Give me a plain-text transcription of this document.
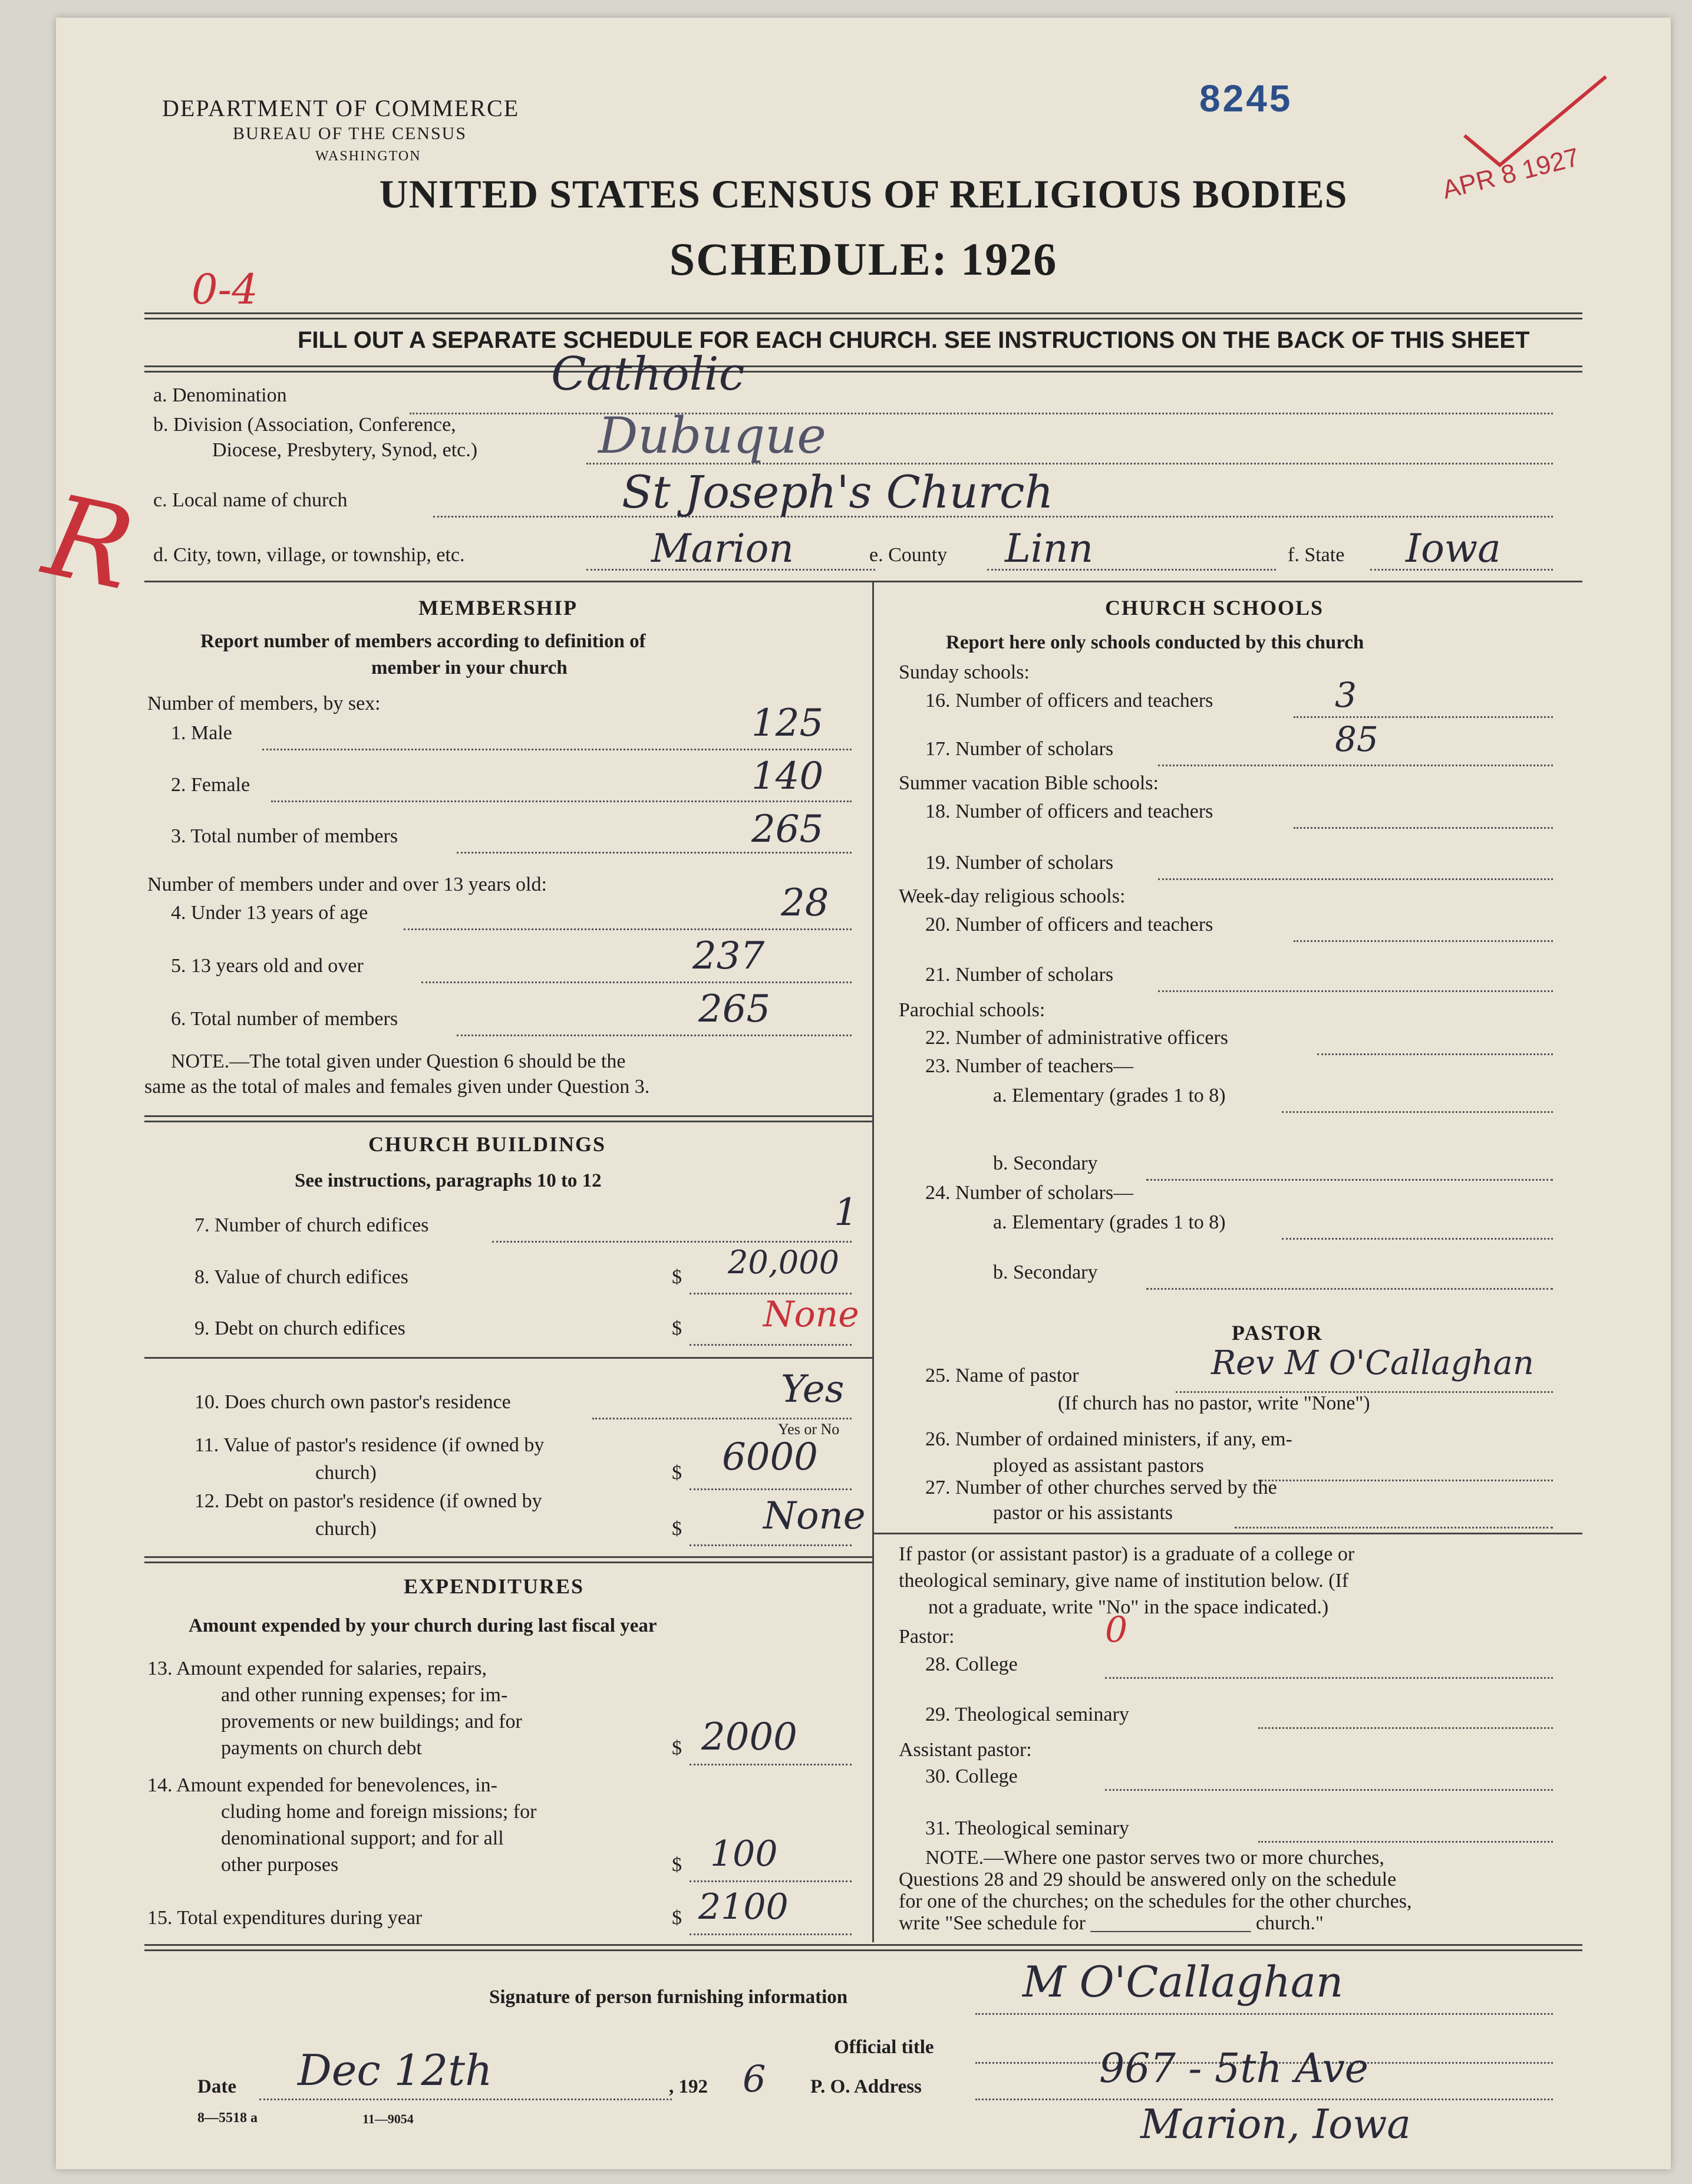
DEPARTMENT OF COMMERCE
BUREAU OF THE CENSUS
WASHINGTON
8245
APR 8 1927
UNITED STATES CENSUS OF RELIGIOUS BODIES
SCHEDULE: 1926
0-4
FILL OUT A SEPARATE SCHEDULE FOR EACH CHURCH. SEE INSTRUCTIONS ON THE BACK OF THIS SHEET
a. Denomination	Catholic
b. Division (Association, Conference,
Diocese, Presbytery, Synod, etc.) Dubuque
c. Local name of church	St Joseph's Church
d. City, town, village, or township, etc.	Marion	e. County Linn	f. State Iowa
R	MEMBERSHIP
Report number of members according to definition of
member in your church
Number of members, by sex:
1. Male	125
2. Female	140
3. Total number of members	265
Number of members under and over 13 years old:
4. Under 13 years of age	28
5. 13 years old and over	237
6. Total number of members	265
NOTE.—The total given under Question 6 should be the
same as the total of males and females given under Question 3.
CHURCH BUILDINGS
See instructions, paragraphs 10 to 12
7. Number of church edifices	1
8. Value of church edifices	$ 20,000
9. Debt on church edifices	$ None
10. Does church own pastor's residence	Yes
Yes or No
11. Value of pastor's residence (if owned by
church)	$ 6000
12. Debt on pastor's residence (if owned by
church)	$ None
EXPENDITURES
Amount expended by your church during last fiscal year
13. Amount expended for salaries, repairs,
and other running expenses; for im-
provements or new buildings; and for
payments on church debt	$ 2000
14. Amount expended for benevolences, in-
cluding home and foreign missions; for
denominational support; and for all
other purposes	$ 100
15. Total expenditures during year	$ 2100
CHURCH SCHOOLS
Report here only schools conducted by this church
Sunday schools:
16. Number of officers and teachers	3
17. Number of scholars	85
Summer vacation Bible schools:
18. Number of officers and teachers
19. Number of scholars
Week-day religious schools:
20. Number of officers and teachers
21. Number of scholars
Parochial schools:
22. Number of administrative officers
23. Number of teachers—
a. Elementary (grades 1 to 8)
b. Secondary
24. Number of scholars—
a. Elementary (grades 1 to 8)
b. Secondary
PASTOR
25. Name of pastor	Rev M O'Callaghan
(If church has no pastor, write "None")
26. Number of ordained ministers, if any, em-
ployed as assistant pastors
27. Number of other churches served by the
pastor or his assistants
If pastor (or assistant pastor) is a graduate of a college or
theological seminary, give name of institution below. (If
not a graduate, write "No" in the space indicated.)
Pastor:	0
28. College
29. Theological seminary
Assistant pastor:
30. College
31. Theological seminary
NOTE.—Where one pastor serves two or more churches,
Questions 28 and 29 should be answered only on the schedule
for one of the churches; on the schedules for the other churches,
write "See schedule for ________________ church."
Signature of person furnishing information	M O'Callaghan
Official title
Date Dec 12th	, 192 6 P. O. Address	967 - 5th Ave
Marion, Iowa
8—5518 a	11—9054
